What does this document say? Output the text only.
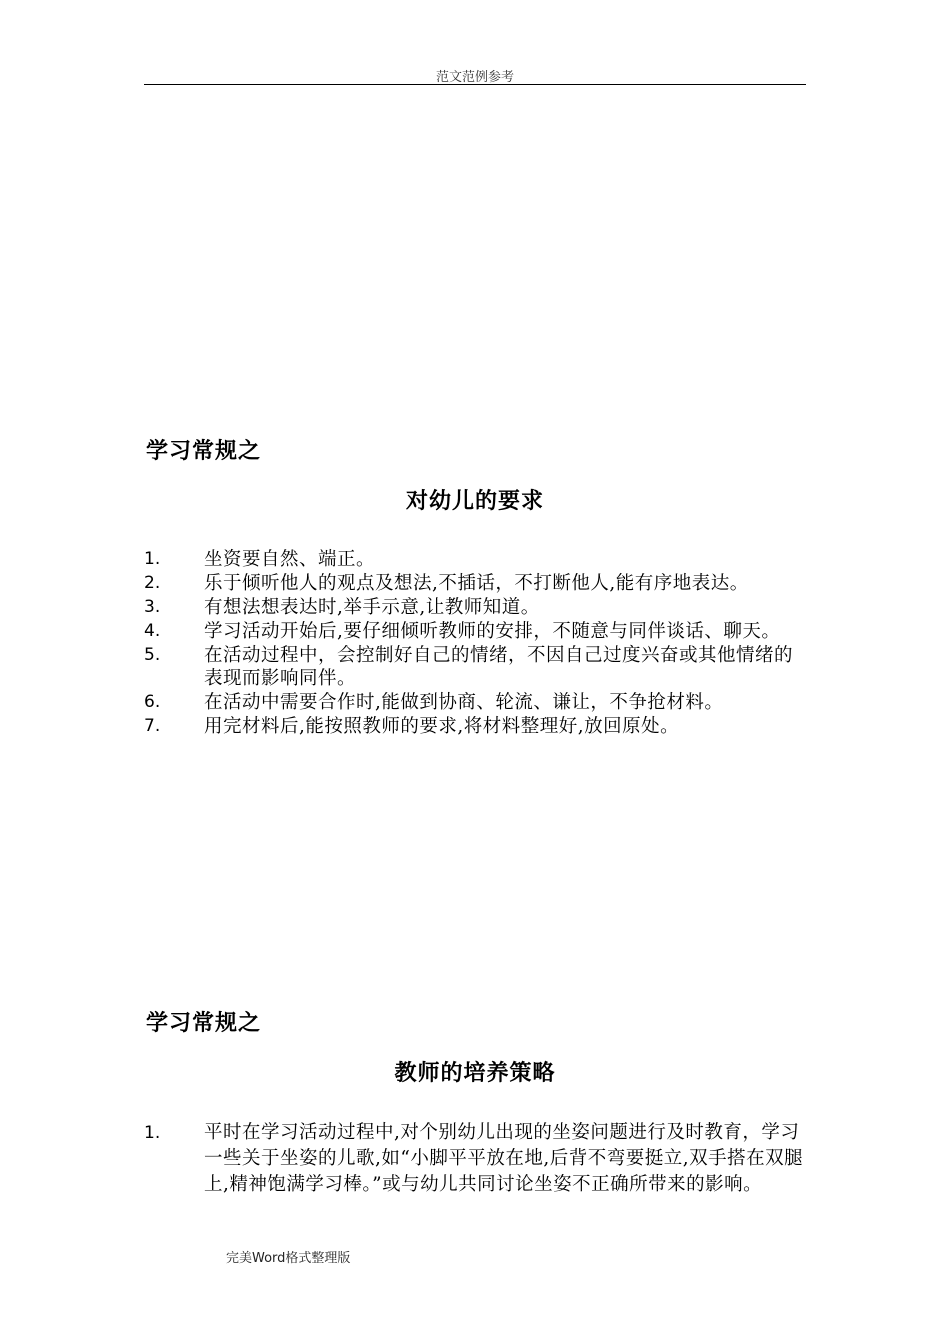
范文范例参考
学习常规之
对幼儿的要求
1.	坐资要自然、端正。
2.	乐于倾听他人的观点及想法,不插话，不打断他人,能有序地表达。
3.	有想法想表达时,举手示意,让教师知道。
4.	学习活动开始后,要仔细倾听教师的安排，不随意与同伴谈话、聊天。
5.	在活动过程中，会控制好自己的情绪，不因自己过度兴奋或其他情绪的表现而影响同伴。
6.	在活动中需要合作时,能做到协商、轮流、谦让，不争抢材料。
7.	用完材料后,能按照教师的要求,将材料整理好,放回原处。
学习常规之
教师的培养策略
1.	平时在学习活动过程中,对个别幼儿出现的坐姿问题进行及时教育，学习一些关于坐姿的儿歌,如“小脚平平放在地,后背不弯要挺立,双手搭在双腿上,精神饱满学习棒。”或与幼儿共同讨论坐姿不正确所带来的影响。
完美Word格式整理版
